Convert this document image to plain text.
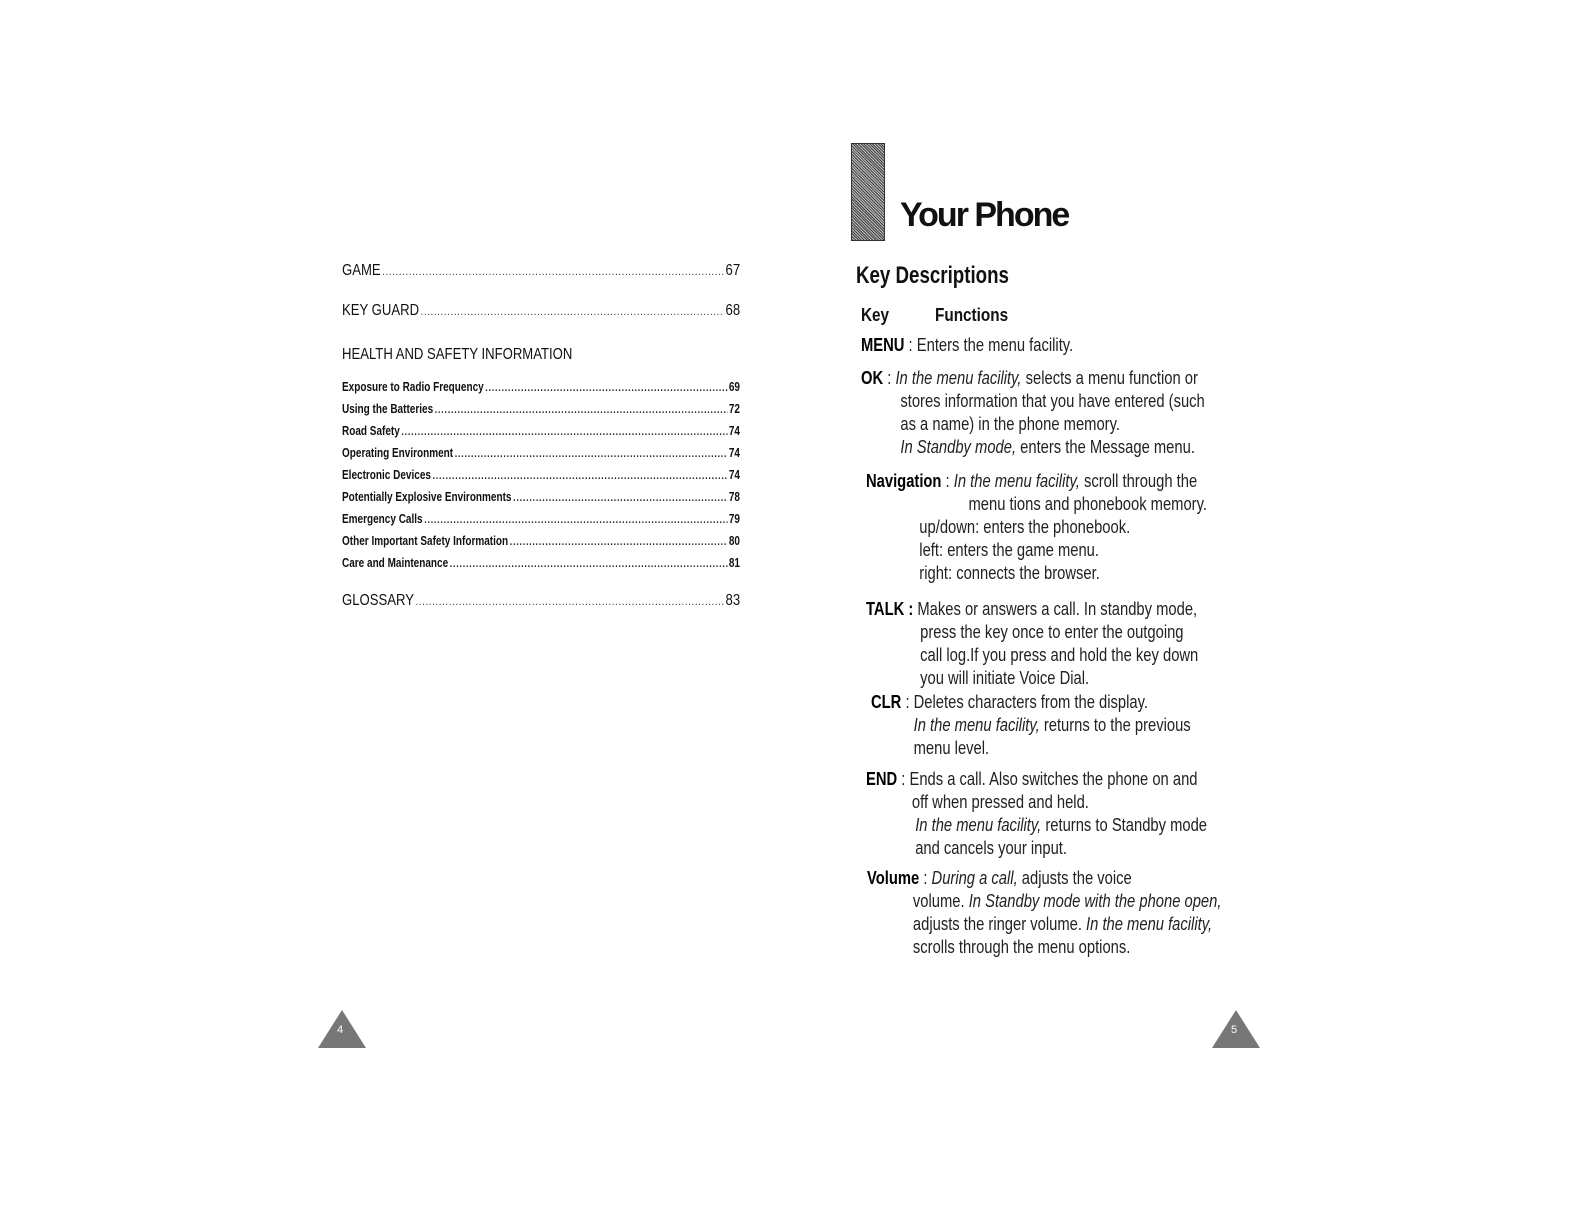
GAME .....	67
KEY GUARD .....	68
HEALTH AND SAFETY INFORMATION
Exposure to Radio Frequency .....	69
Using the Batteries .....	72
Road Safety .....	74
Operating Environment .....	74
Electronic Devices .....	74
Potentially Explosive Environments .....	78
Emergency Calls .....	79
Other Important Safety Information .....	80
Care and Maintenance .....	81
GLOSSARY .....	83
4
Your Phone
Key Descriptions
Key	Functions
MENU : Enters the menu facility.
OK : In the menu facility, selects a menu function or
stores information that you have entered (such
as a name) in the phone memory.
In Standby mode, enters the Message menu.
Navigation : In the menu facility, scroll through the
menu tions and phonebook memory.
up/down: enters the phonebook.
left: enters the game menu.
right: connects the browser.
TALK : Makes or answers a call. In standby mode,
press the key once to enter the outgoing
call log.If you press and hold the key down
you will initiate Voice Dial.
CLR : Deletes characters from the display.
In the menu facility, returns to the previous
menu level.
END : Ends a call. Also switches the phone on and
off when pressed and held.
In the menu facility, returns to Standby mode
and cancels your input.
Volume : During a call, adjusts the voice
volume. In Standby mode with the phone open,
adjusts the ringer volume. In the menu facility,
scrolls through the menu options.
5
